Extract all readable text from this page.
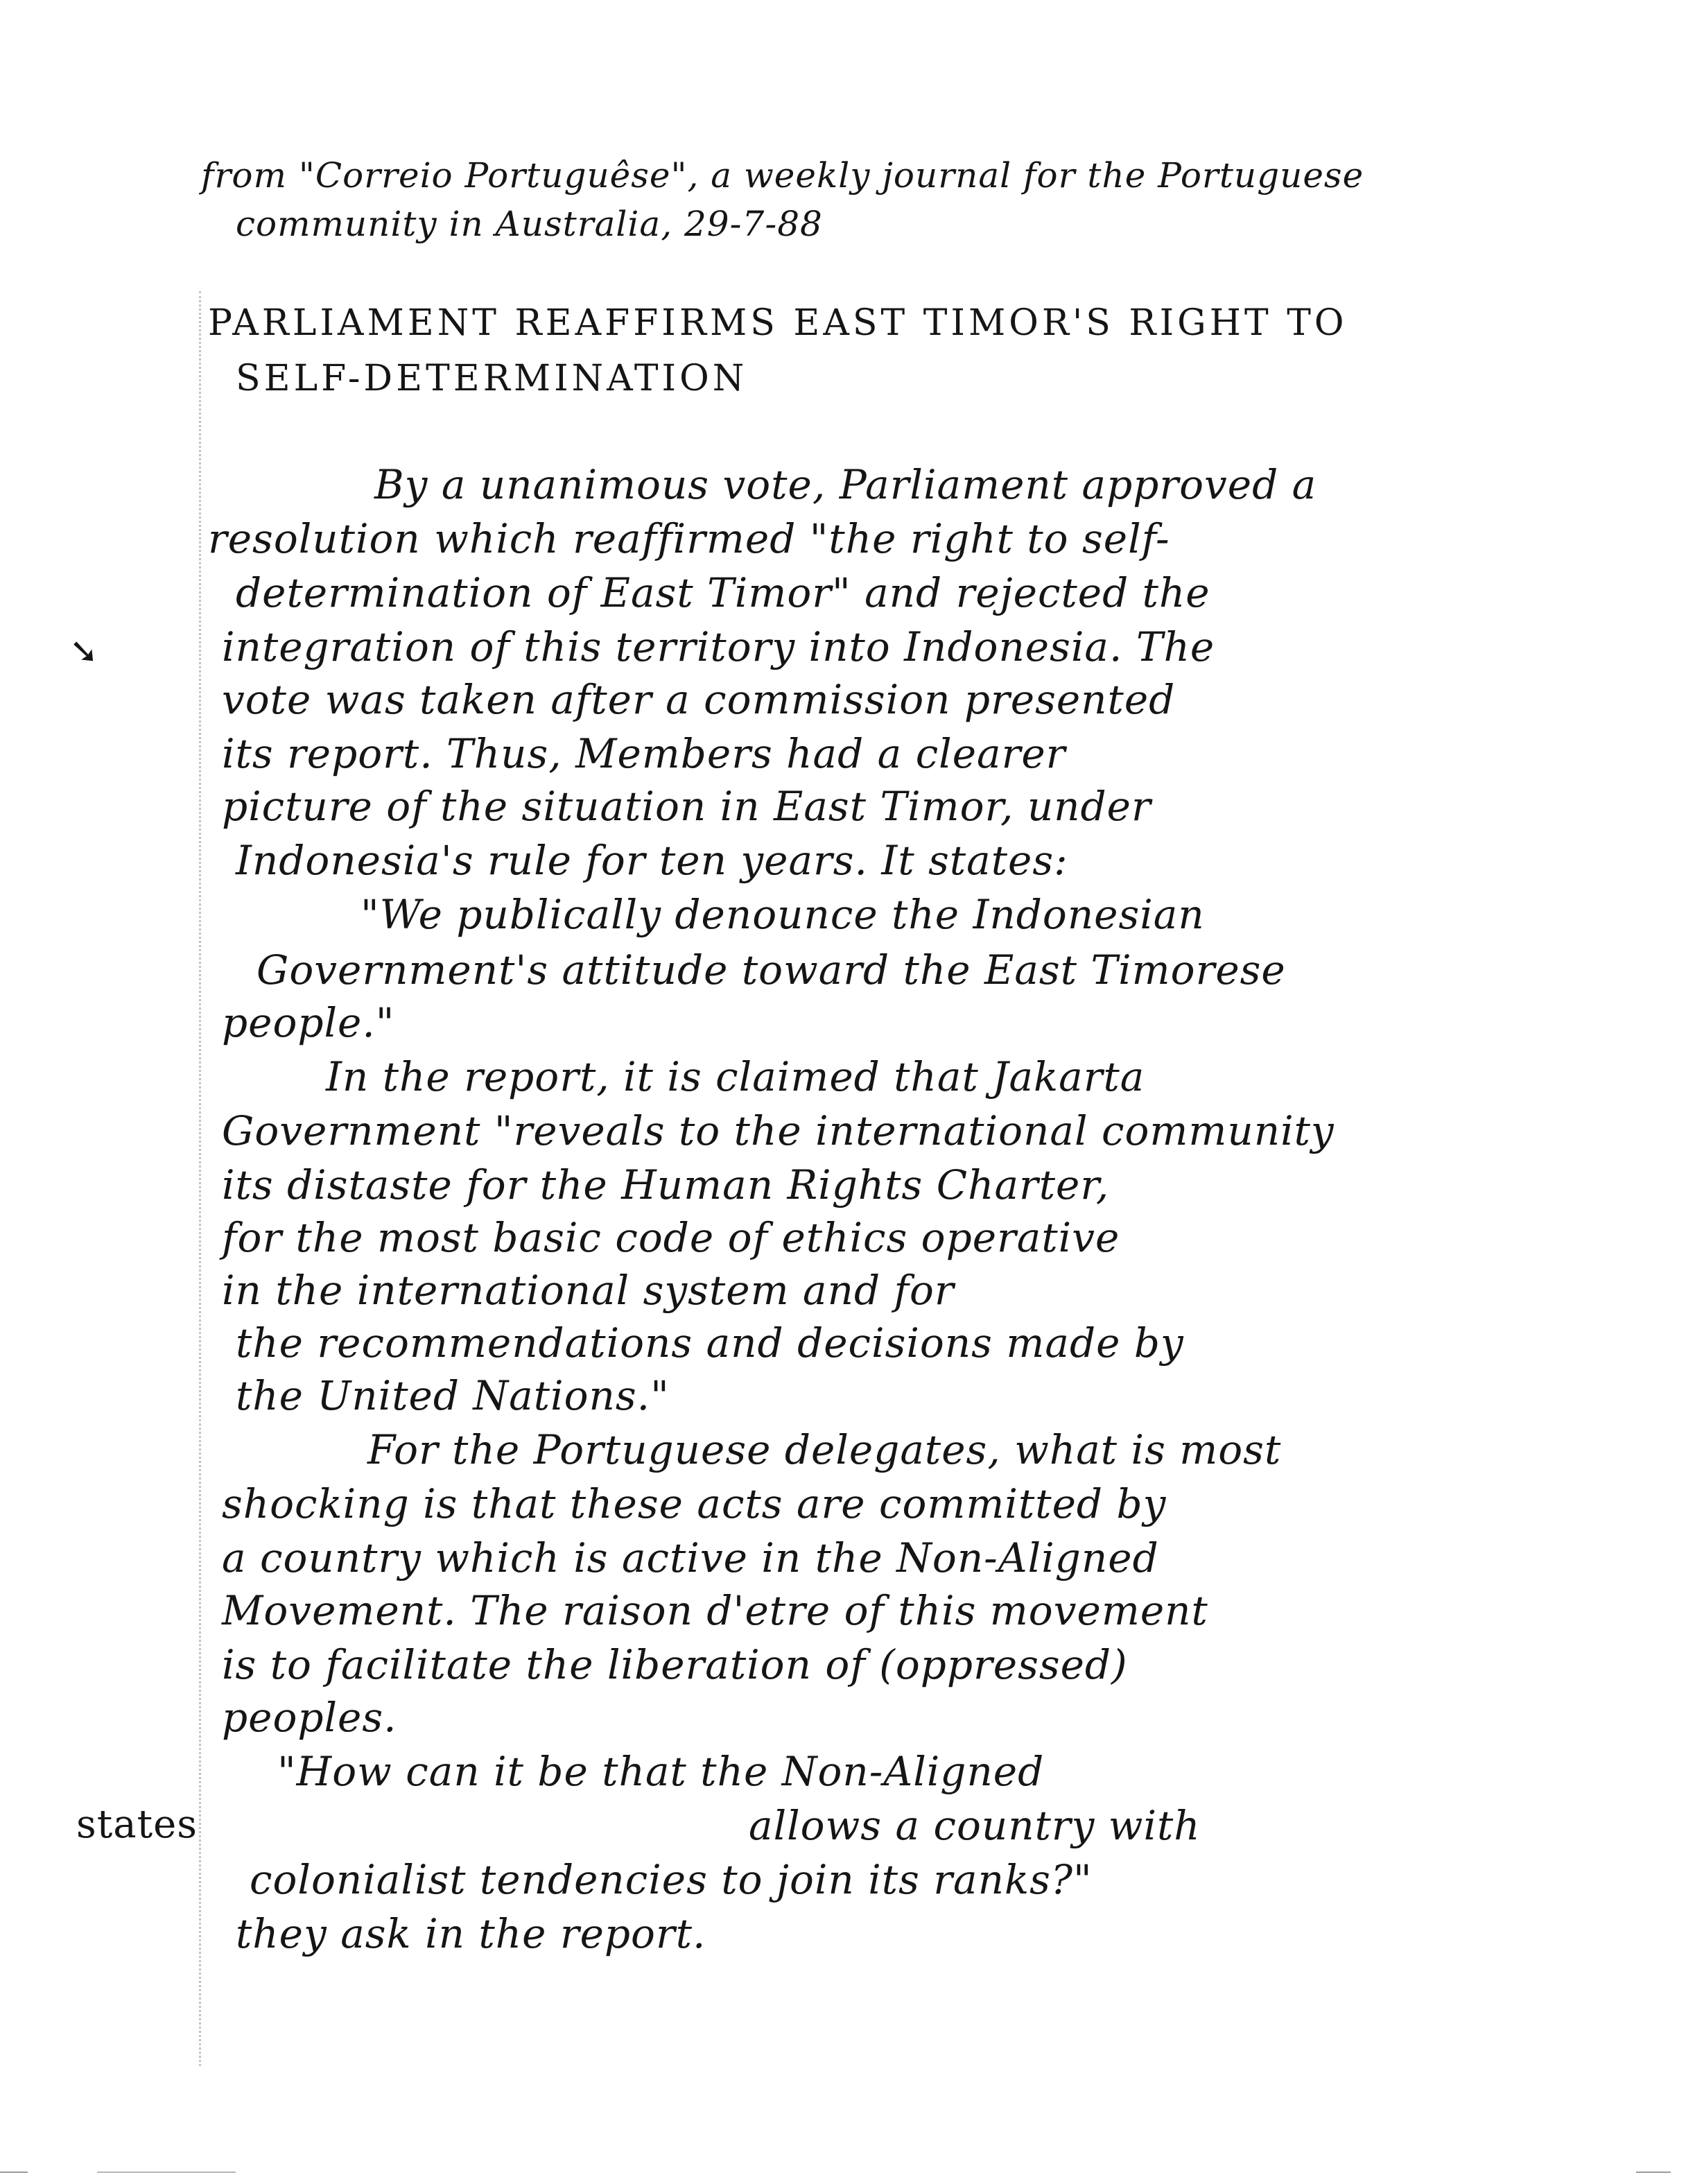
from "Correio Portuguêse", a weekly journal for the Portuguese
community in Australia, 29-7-88
PARLIAMENT REAFFIRMS EAST TIMOR'S RIGHT TO
SELF-DETERMINATION
By a unanimous vote, Parliament approved a
resolution which reaffirmed "the right to self-
determination of East Timor" and rejected the
integration of this territory into Indonesia. The
vote was taken after a commission presented
its report. Thus, Members had a clearer
picture of the situation in East Timor, under
Indonesia's rule for ten years. It states:
"We publically denounce the Indonesian
Government's attitude toward the East Timorese
people."
In the report, it is claimed that Jakarta
Government "reveals to the international community
its distaste for the Human Rights Charter,
for the most basic code of ethics operative
in the international system and for
the recommendations and decisions made by
the United Nations."
For the Portuguese delegates, what is most
shocking is that these acts are committed by
a country which is active in the Non-Aligned
Movement. The raison d'etre of this movement
is to facilitate the liberation of (oppressed)
peoples.
"How can it be that the Non-Aligned
states	allows a country with
colonialist tendencies to join its ranks?"
they ask in the report.
➘
